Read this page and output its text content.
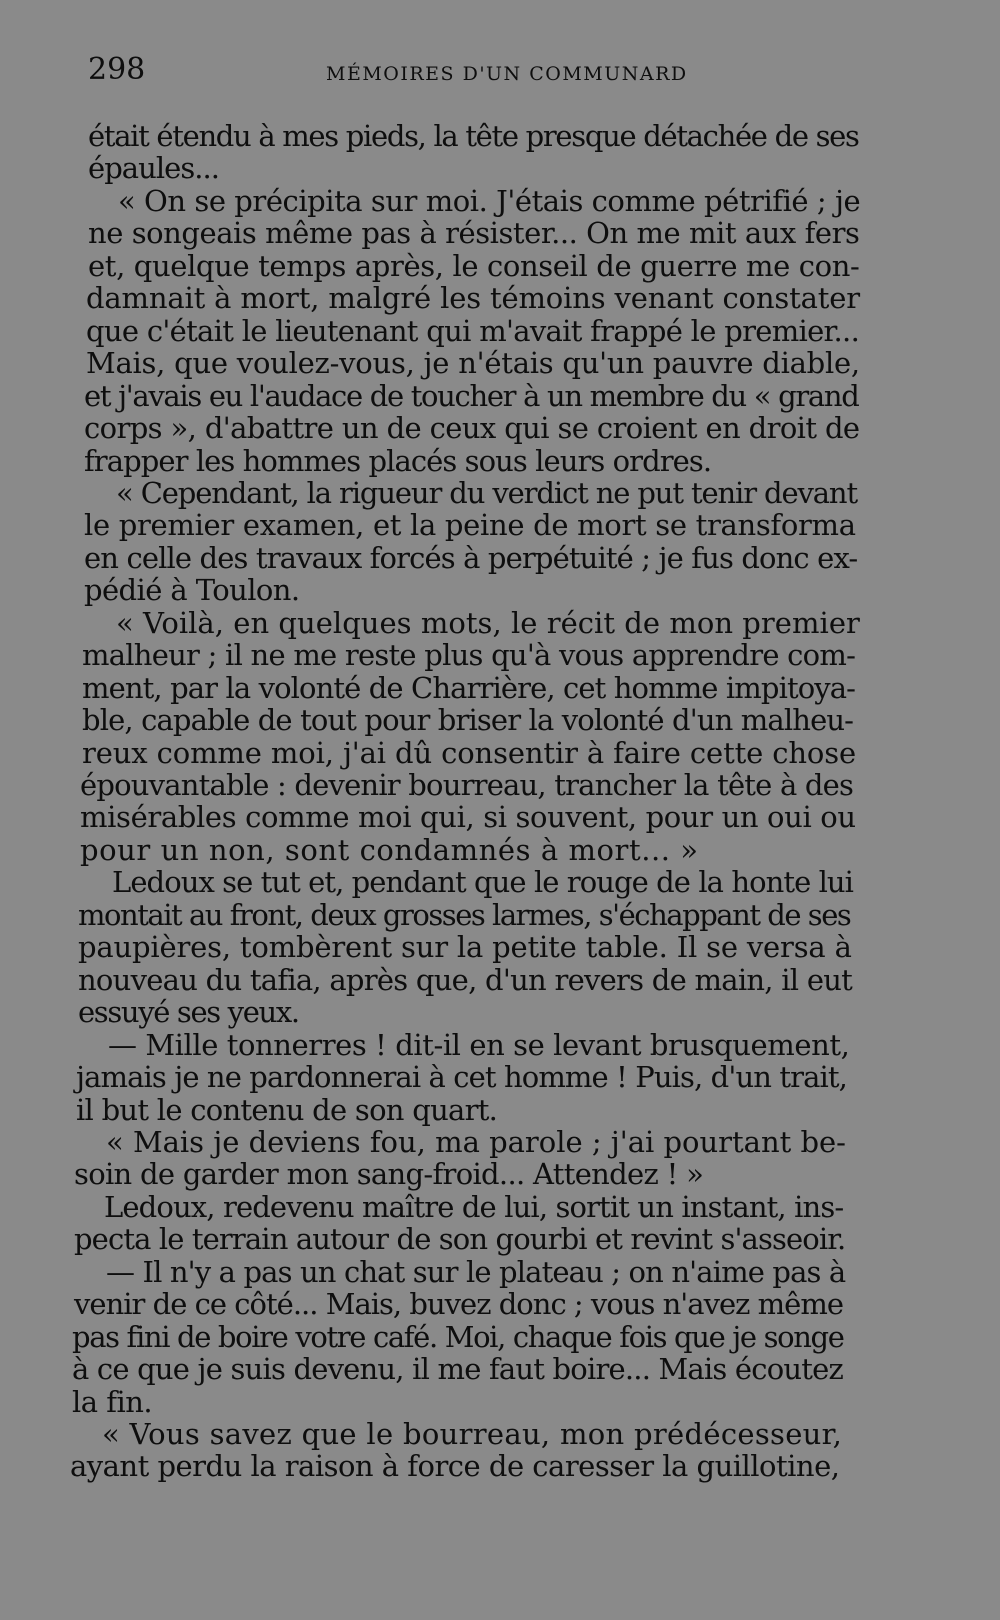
298	MÉMOIRES D'UN COMMUNARD
était étendu à mes pieds, la tête presque détachée de ses
épaules...
« On se précipita sur moi. J'étais comme pétrifié ; je
ne songeais même pas à résister... On me mit aux fers
et, quelque temps après, le conseil de guerre me con-
damnait à mort, malgré les témoins venant constater
que c'était le lieutenant qui m'avait frappé le premier...
Mais, que voulez-vous, je n'étais qu'un pauvre diable,
et j'avais eu l'audace de toucher à un membre du « grand
corps », d'abattre un de ceux qui se croient en droit de
frapper les hommes placés sous leurs ordres.
« Cependant, la rigueur du verdict ne put tenir devant
le premier examen, et la peine de mort se transforma
en celle des travaux forcés à perpétuité ; je fus donc ex-
pédié à Toulon.
« Voilà, en quelques mots, le récit de mon premier
malheur ; il ne me reste plus qu'à vous apprendre com-
ment, par la volonté de Charrière, cet homme impitoya-
ble, capable de tout pour briser la volonté d'un malheu-
reux comme moi, j'ai dû consentir à faire cette chose
épouvantable : devenir bourreau, trancher la tête à des
misérables comme moi qui, si souvent, pour un oui ou
pour un non, sont condamnés à mort... »
Ledoux se tut et, pendant que le rouge de la honte lui
montait au front, deux grosses larmes, s'échappant de ses
paupières, tombèrent sur la petite table. Il se versa à
nouveau du tafia, après que, d'un revers de main, il eut
essuyé ses yeux.
— Mille tonnerres ! dit-il en se levant brusquement,
jamais je ne pardonnerai à cet homme ! Puis, d'un trait,
il but le contenu de son quart.
« Mais je deviens fou, ma parole ; j'ai pourtant be-
soin de garder mon sang-froid... Attendez ! »
Ledoux, redevenu maître de lui, sortit un instant, ins-
pecta le terrain autour de son gourbi et revint s'asseoir.
— Il n'y a pas un chat sur le plateau ; on n'aime pas à
venir de ce côté... Mais, buvez donc ; vous n'avez même
pas fini de boire votre café. Moi, chaque fois que je songe
à ce que je suis devenu, il me faut boire... Mais écoutez
la fin.
« Vous savez que le bourreau, mon prédécesseur,
ayant perdu la raison à force de caresser la guillotine,
